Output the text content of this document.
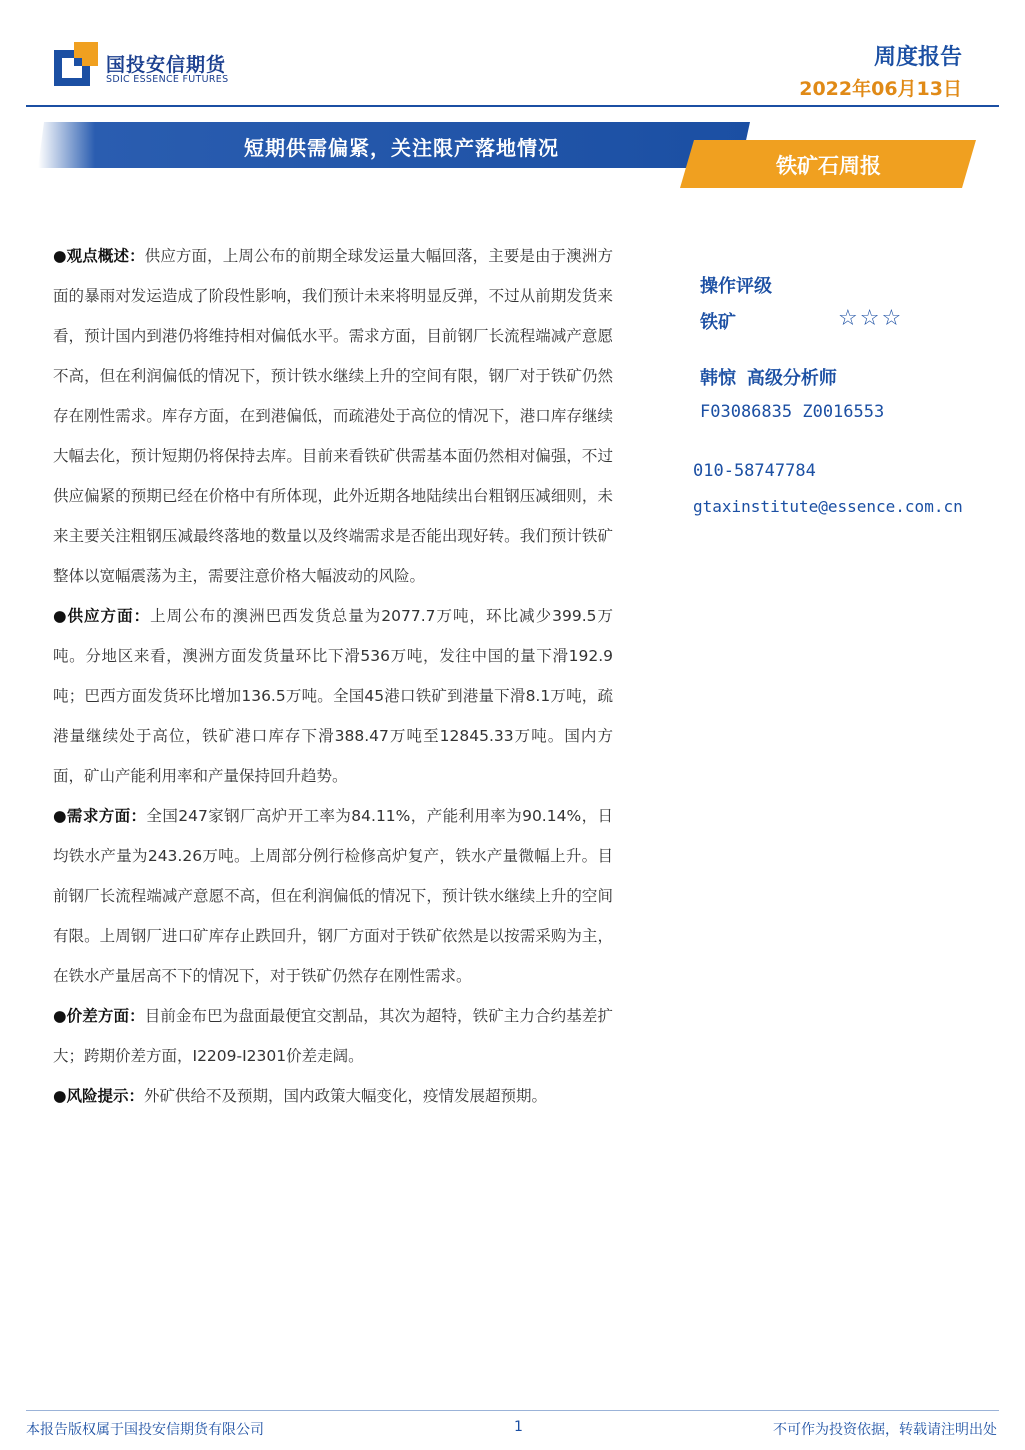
国投安信期货
SDIC ESSENCE FUTURES
周度报告
2022年06月13日
短期供需偏紧，关注限产落地情况
铁矿石周报

●观点概述：供应方面，上周公布的前期全球发运量大幅回落，主要是由于澳洲方面的暴雨对发运造成了阶段性影响，我们预计未来将明显反弹，不过从前期发货来看，预计国内到港仍将维持相对偏低水平。需求方面，目前钢厂长流程端减产意愿不高，但在利润偏低的情况下，预计铁水继续上升的空间有限，钢厂对于铁矿仍然存在刚性需求。库存方面，在到港偏低，而疏港处于高位的情况下，港口库存继续大幅去化，预计短期仍将保持去库。目前来看铁矿供需基本面仍然相对偏强，不过供应偏紧的预期已经在价格中有所体现，此外近期各地陆续出台粗钢压减细则，未来主要关注粗钢压减最终落地的数量以及终端需求是否能出现好转。我们预计铁矿整体以宽幅震荡为主，需要注意价格大幅波动的风险。

●供应方面：上周公布的澳洲巴西发货总量为2077.7万吨，环比减少399.5万吨。分地区来看，澳洲方面发货量环比下滑536万吨，发往中国的量下滑192.9吨；巴西方面发货环比增加136.5万吨。全国45港口铁矿到港量下滑8.1万吨，疏港量继续处于高位，铁矿港口库存下滑388.47万吨至12845.33万吨。国内方面，矿山产能利用率和产量保持回升趋势。

●需求方面：全国247家钢厂高炉开工率为84.11%，产能利用率为90.14%，日均铁水产量为243.26万吨。上周部分例行检修高炉复产，铁水产量微幅上升。目前钢厂长流程端减产意愿不高，但在利润偏低的情况下，预计铁水继续上升的空间有限。上周钢厂进口矿库存止跌回升，钢厂方面对于铁矿依然是以按需采购为主，在铁水产量居高不下的情况下，对于铁矿仍然存在刚性需求。

●价差方面：目前金布巴为盘面最便宜交割品，其次为超特，铁矿主力合约基差扩大；跨期价差方面，I2209-I2301价差走阔。

●风险提示：外矿供给不及预期，国内政策大幅变化，疫情发展超预期。

操作评级
铁矿	☆☆☆
韩惊 高级分析师
F03086835 Z0016553
010-58747784
gtaxinstitute@essence.com.cn
本报告版权属于国投安信期货有限公司	1	不可作为投资依据，转载请注明出处
